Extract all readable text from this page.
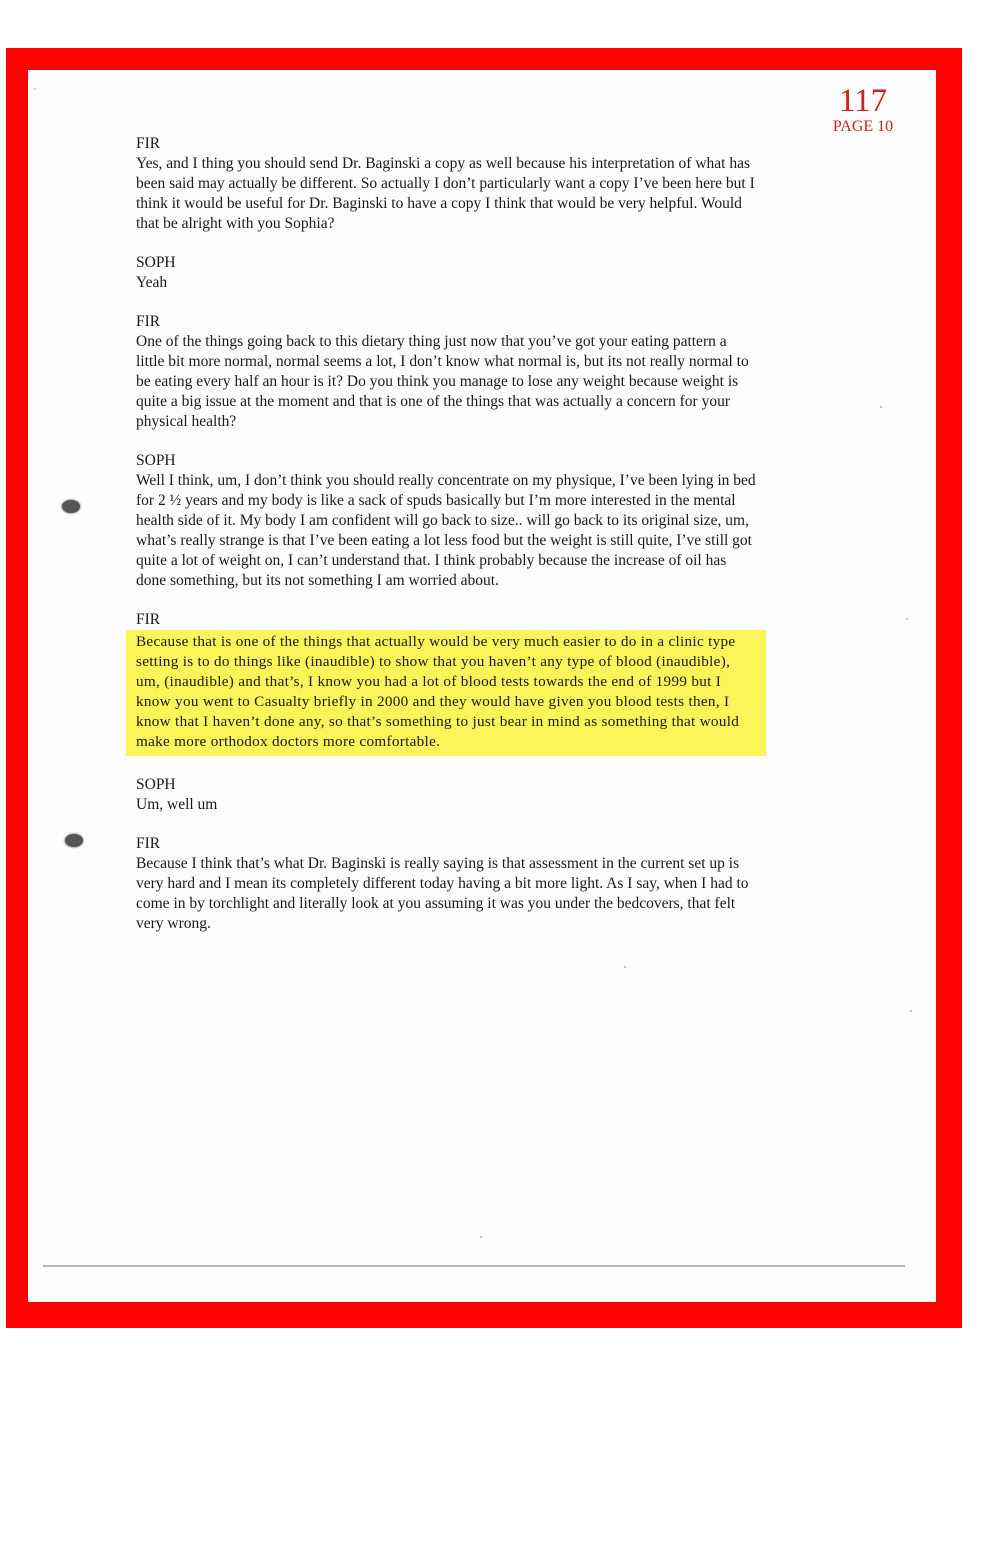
117
PAGE 10

FIR

Yes, and I thing you should send Dr. Baginski a copy as well because his interpretation of what has been said may actually be different. So actually I don’t particularly want a copy I’ve been here but I think it would be useful for Dr. Baginski to have a copy I think that would be very helpful. Would that be alright with you Sophia?

SOPH

Yeah

FIR

One of the things going back to this dietary thing just now that you’ve got your eating pattern a little bit more normal, normal seems a lot, I don’t know what normal is, but its not really normal to be eating every half an hour is it? Do you think you manage to lose any weight because weight is quite a big issue at the moment and that is one of the things that was actually a concern for your physical health?

SOPH

Well I think, um, I don’t think you should really concentrate on my physique, I’ve been lying in bed for 2 ½ years and my body is like a sack of spuds basically but I’m more interested in the mental health side of it. My body I am confident will go back to size.. will go back to its original size, um, what’s really strange is that I’ve been eating a lot less food but the weight is still quite, I’ve still got quite a lot of weight on, I can’t understand that. I think probably because the increase of oil has done something, but its not something I am worried about.

FIR

Because that is one of the things that actually would be very much easier to do in a clinic type setting is to do things like (inaudible) to show that you haven’t any type of blood (inaudible), um, (inaudible) and that’s, I know you had a lot of blood tests towards the end of 1999 but I know you went to Casualty briefly in 2000 and they would have given you blood tests then, I know that I haven’t done any, so that’s something to just bear in mind as something that would make more orthodox doctors more comfortable.

SOPH

Um, well um

FIR

Because I think that’s what Dr. Baginski is really saying is that assessment in the current set up is very hard and I mean its completely different today having a bit more light. As I say, when I had to come in by torchlight and literally look at you assuming it was you under the bedcovers, that felt very wrong.
